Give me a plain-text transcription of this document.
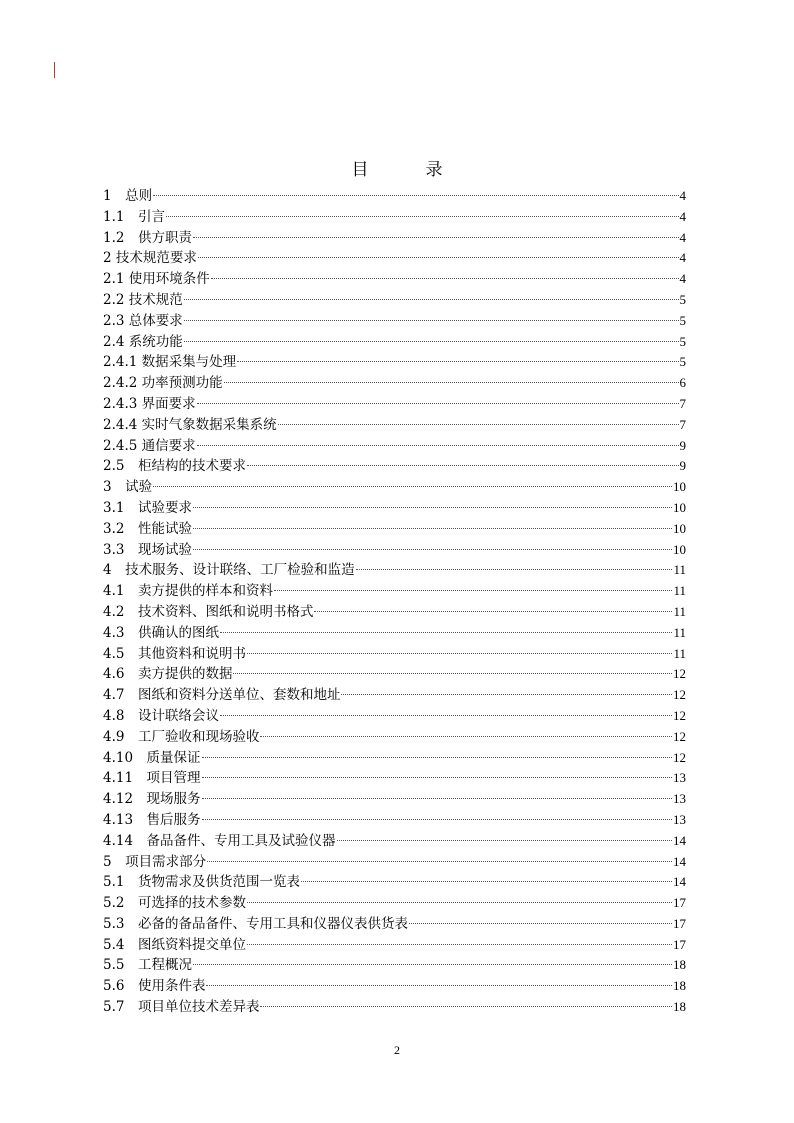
目　录
1　总则	4
1.1　引言	4
1.2　供方职责	4
2 技术规范要求	4
2.1 使用环境条件	4
2.2 技术规范	5
2.3 总体要求	5
2.4 系统功能	5
2.4.1 数据采集与处理	5
2.4.2 功率预测功能	6
2.4.3 界面要求	7
2.4.4 实时气象数据采集系统	7
2.4.5 通信要求	9
2.5　柜结构的技术要求	9
3　试验	10
3.1　试验要求	10
3.2　性能试验	10
3.3　现场试验	10
4　技术服务、设计联络、工厂检验和监造	11
4.1　卖方提供的样本和资料	11
4.2　技术资料、图纸和说明书格式	11
4.3　供确认的图纸	11
4.5　其他资料和说明书	11
4.6　卖方提供的数据	12
4.7　图纸和资料分送单位、套数和地址	12
4.8　设计联络会议	12
4.9　工厂验收和现场验收	12
4.10　质量保证	12
4.11　项目管理	13
4.12　现场服务	13
4.13　售后服务	13
4.14　备品备件、专用工具及试验仪器	14
5　项目需求部分	14
5.1　货物需求及供货范围一览表	14
5.2　可选择的技术参数	17
5.3　必备的备品备件、专用工具和仪器仪表供货表	17
5.4　图纸资料提交单位	17
5.5　工程概况	18
5.6　使用条件表	18
5.7　项目单位技术差异表	18
2
